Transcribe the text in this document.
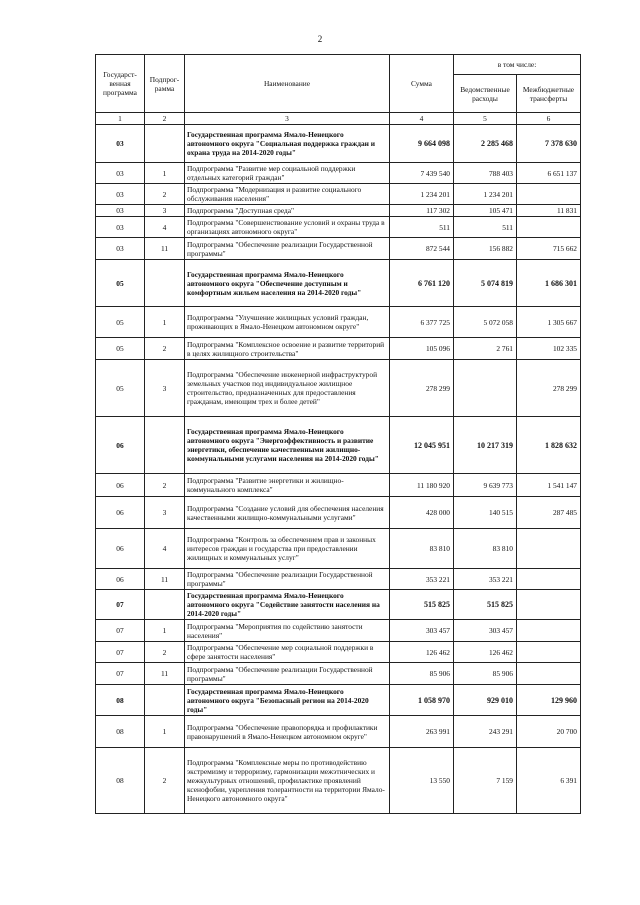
2
Государст-венная программа	Подпрог-рамма	Наименование	Сумма	в том числе:	
				Ведомственные расходы	Межбюджетные трансферты
1	2	3	4	5	6
03		Государственная программа Ямало-Ненецкого автономного округа "Социальная поддержка граждан и охрана труда на 2014-2020 годы"	9 664 098	2 285 468	7 378 630
03	1	Подпрограмма "Развитие мер социальной поддержки отдельных категорий граждан"	7 439 540	788 403	6 651 137
03	2	Подпрограмма "Модернизация и развитие социального обслуживания населения"	1 234 201	1 234 201	
03	3	Подпрограмма "Доступная среда"	117 302	105 471	11 831
03	4	Подпрограмма "Совершенствование условий и охраны труда в организациях автономного округа"	511	511	
03	11	Подпрограмма "Обеспечение реализации Государственной программы"	872 544	156 882	715 662
05		Государственная программа Ямало-Ненецкого автономного округа "Обеспечение доступным и комфортным жильем населения на 2014-2020 годы"	6 761 120	5 074 819	1 686 301
05	1	Подпрограмма "Улучшение жилищных условий граждан, проживающих в Ямало-Ненецком автономном округе"	6 377 725	5 072 058	1 305 667
05	2	Подпрограмма "Комплексное освоение и развитие территорий в целях жилищного строительства"	105 096	2 761	102 335
05	3	Подпрограмма "Обеспечение инженерной инфраструктурой земельных участков под индивидуальное жилищное строительство, предназначенных для предоставления гражданам, имеющим трех и более детей"	278 299		278 299
06		Государственная программа Ямало-Ненецкого автономного округа "Энергоэффективность и развитие энергетики, обеспечение качественными жилищно-коммунальными услугами населения на 2014-2020 годы"	12 045 951	10 217 319	1 828 632
06	2	Подпрограмма "Развитие энергетики и жилищно-коммунального комплекса"	11 180 920	9 639 773	1 541 147
06	3	Подпрограмма "Создание условий для обеспечения населения качественными жилищно-коммунальными услугами"	428 000	140 515	287 485
06	4	Подпрограмма "Контроль за обеспечением прав и законных интересов граждан и государства при предоставлении жилищных и коммунальных услуг"	83 810	83 810	
06	11	Подпрограмма "Обеспечение реализации Государственной программы"	353 221	353 221	
07		Государственная программа Ямало-Ненецкого автономного округа "Содействие занятости населения на 2014-2020 годы"	515 825	515 825	
07	1	Подпрограмма "Мероприятия по содействию занятости населения"	303 457	303 457	
07	2	Подпрограмма "Обеспечение мер социальной поддержки в сфере занятости населения"	126 462	126 462	
07	11	Подпрограмма "Обеспечение реализации Государственной программы"	85 906	85 906	
08		Государственная программа Ямало-Ненецкого автономного округа "Безопасный регион на 2014-2020 годы"	1 058 970	929 010	129 960
08	1	Подпрограмма "Обеспечение правопорядка и профилактики правонарушений в Ямало-Ненецком автономном округе"	263 991	243 291	20 700
08	2	Подпрограмма "Комплексные меры по противодействию экстремизму и терроризму, гармонизации межэтнических и межкультурных отношений, профилактике проявлений ксенофобии, укрепления толерантности на территории Ямало-Ненецкого автономного округа"	13 550	7 159	6 391
